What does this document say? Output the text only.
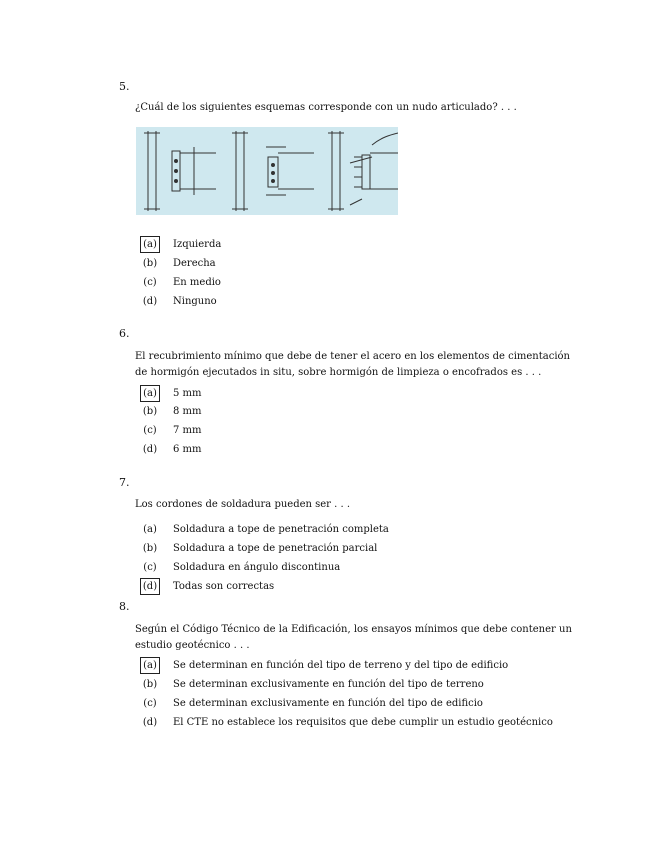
5.

¿Cuál de los siguientes esquemas corresponde con un nudo articulado? . . .

(a)	Izquierda
(b) Derecha
(c)	En medio
(d) Ninguno
6.

El recubrimiento mínimo que debe de tener el acero en los elementos de cimentación de hormigón ejecutados in situ, sobre hormigón de limpieza o encofrados es . . .

(a)	5 mm
(b) 8 mm
(c)	7 mm
(d) 6 mm
7.

Los cordones de soldadura pueden ser . . .

(a)	Soldadura a tope de penetración completa
(b) Soldadura a tope de penetración parcial
(c)	Soldadura en ángulo discontinua
(d) Todas son correctas
8.

Según el Código Técnico de la Edificación, los ensayos mínimos que debe contener un estudio geotécnico . . .

(a)	Se determinan en función del tipo de terreno y del tipo de edificio
(b) Se determinan exclusivamente en función del tipo de terreno
(c)	Se determinan exclusivamente en función del tipo de edificio
(d) El CTE no establece los requisitos que debe cumplir un estudio geotécnico
